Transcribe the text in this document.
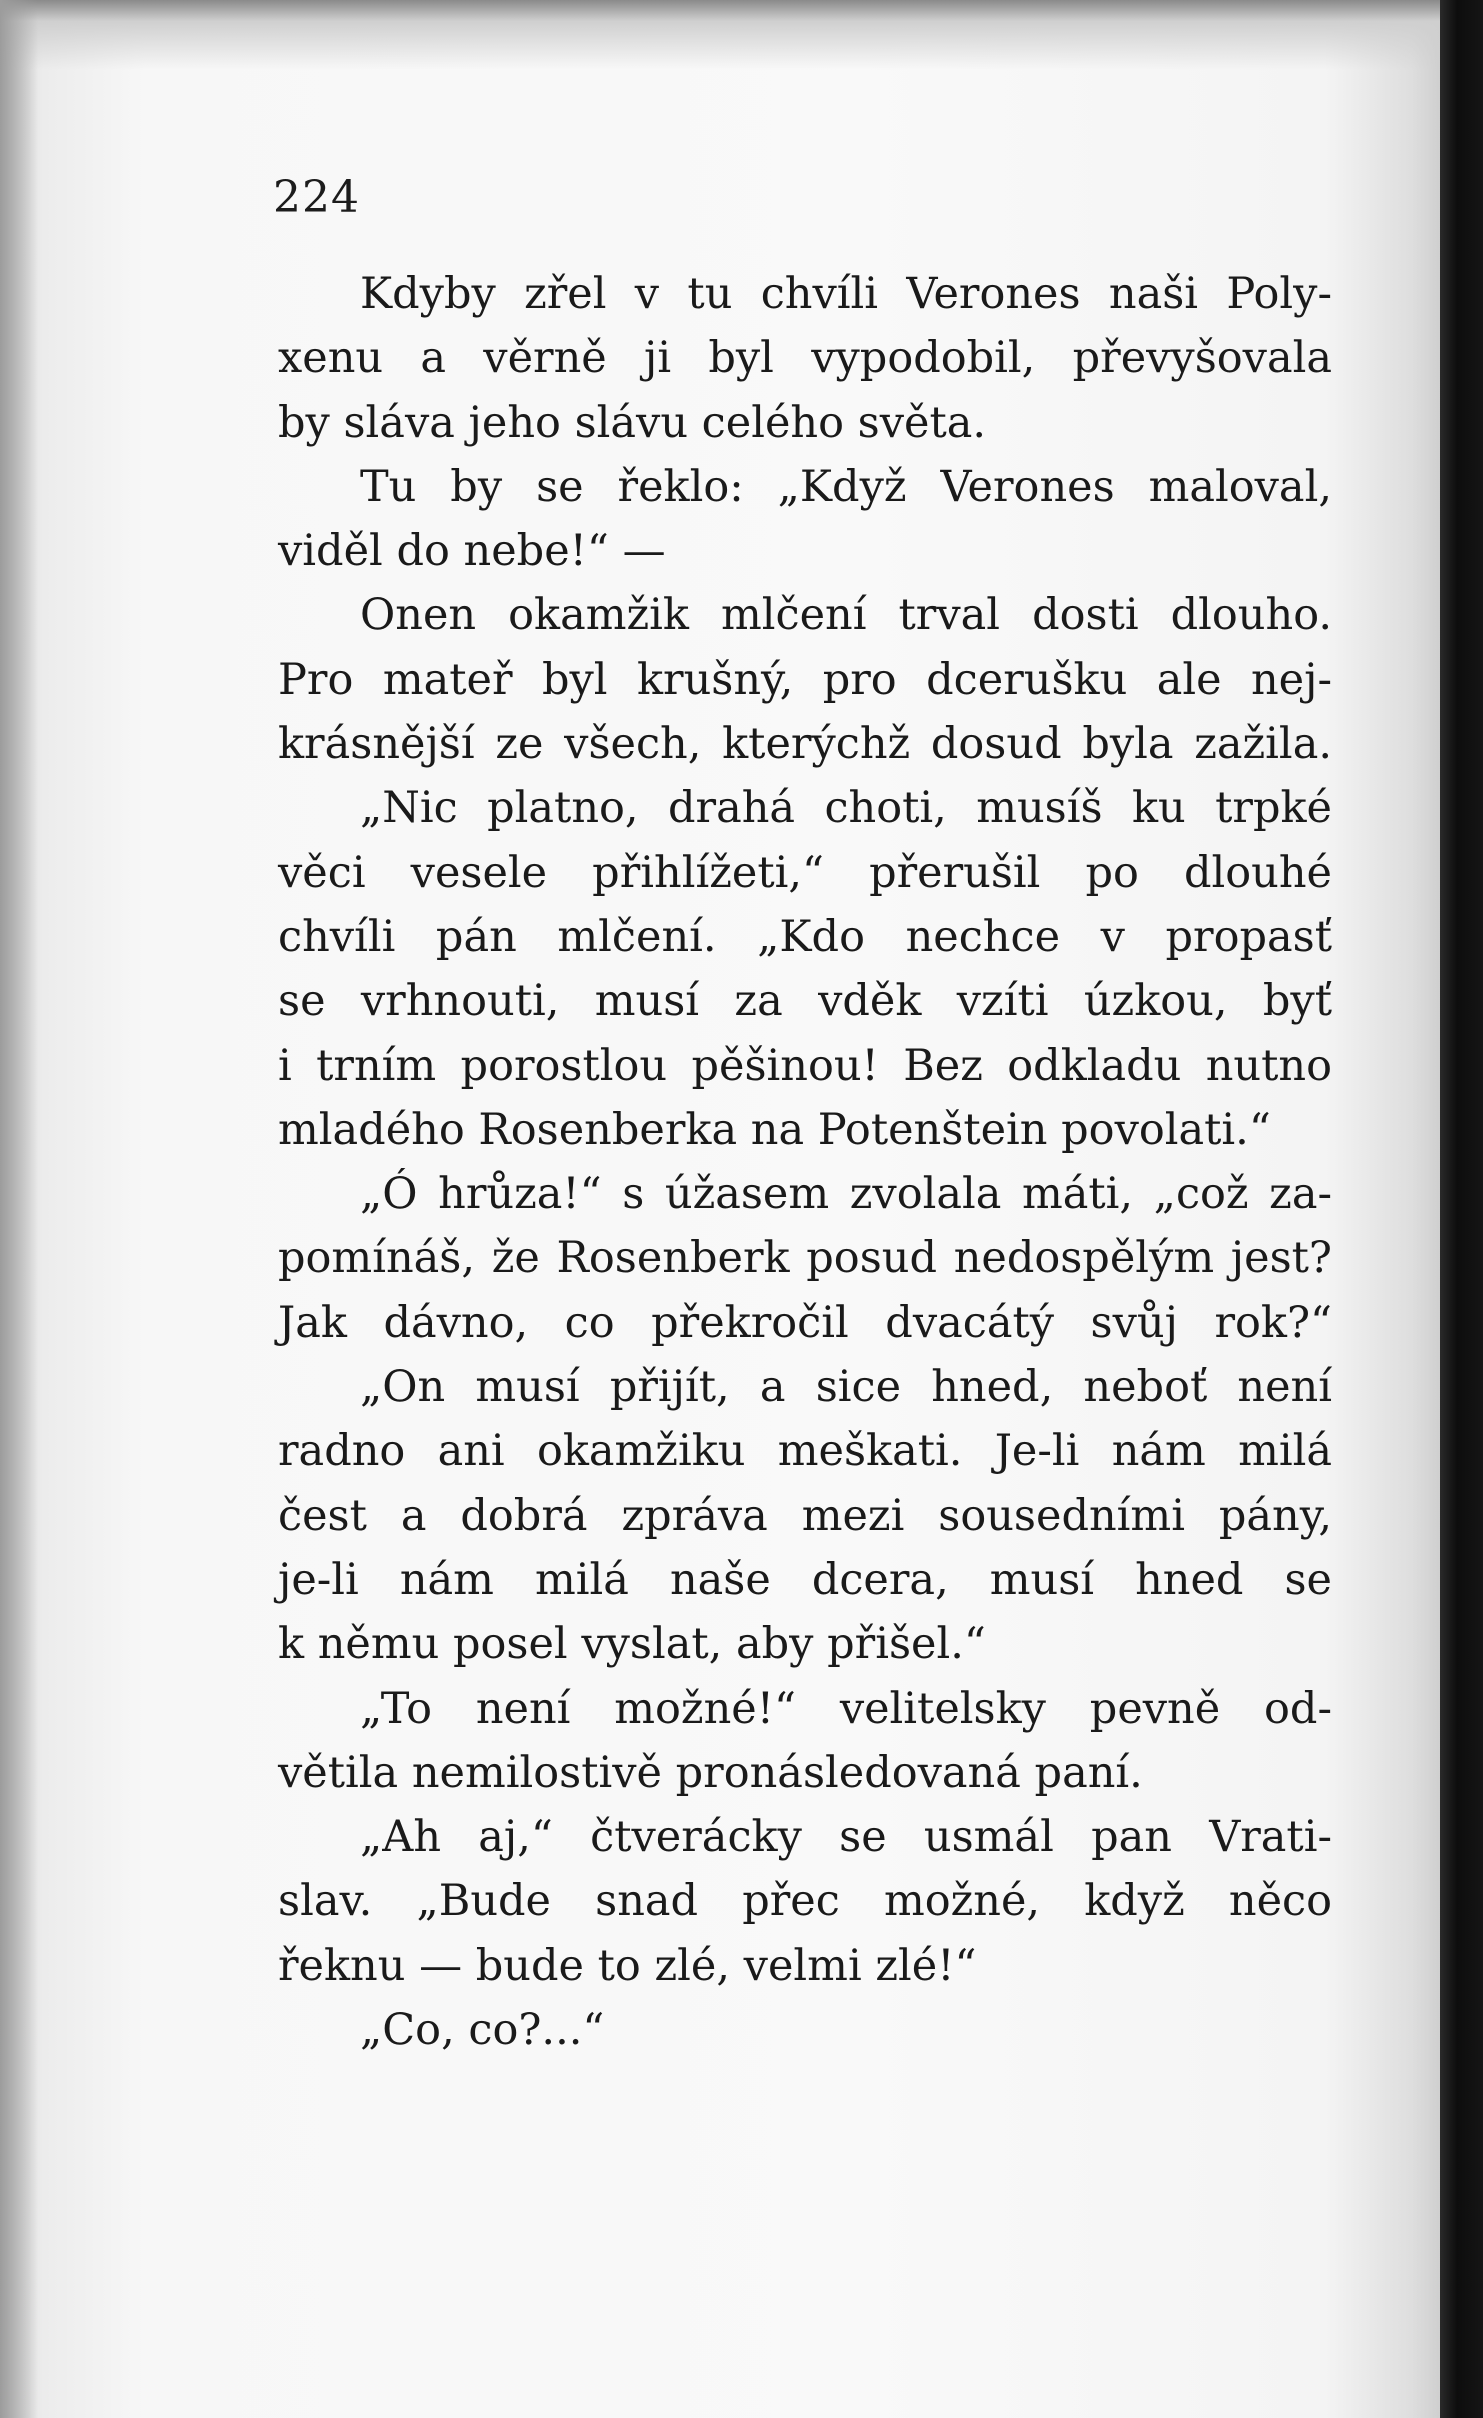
224
Kdyby zřel v tu chvíli Verones naši Poly-
xenu a věrně ji byl vypodobil, převyšovala
by sláva jeho slávu celého světa.
Tu by se řeklo: „Když Verones maloval,
viděl do nebe!“ —
Onen okamžik mlčení trval dosti dlouho.
Pro mateř byl krušný, pro dcerušku ale nej-
krásnější ze všech, kterýchž dosud byla zažila.
„Nic platno, drahá choti, musíš ku trpké
věci vesele přihlížeti,“ přerušil po dlouhé
chvíli pán mlčení. „Kdo nechce v propasť
se vrhnouti, musí za vděk vzíti úzkou, byť
i trním porostlou pěšinou! Bez odkladu nutno
mladého Rosenberka na Potenštein povolati.“
„Ó hrůza!“ s úžasem zvolala máti, „což za-
pomínáš, že Rosenberk posud nedospělým jest?
Jak dávno, co překročil dvacátý svůj rok?“
„On musí přijít, a sice hned, neboť není
radno ani okamžiku meškati. Je-li nám milá
čest a dobrá zpráva mezi sousedními pány,
je-li nám milá naše dcera, musí hned se
k němu posel vyslat, aby přišel.“
„To není možné!“ velitelsky pevně od-
větila nemilostivě pronásledovaná paní.
„Ah aj,“ čtverácky se usmál pan Vrati-
slav. „Bude snad přec možné, když něco
řeknu — bude to zlé, velmi zlé!“
„Co, co?...“
